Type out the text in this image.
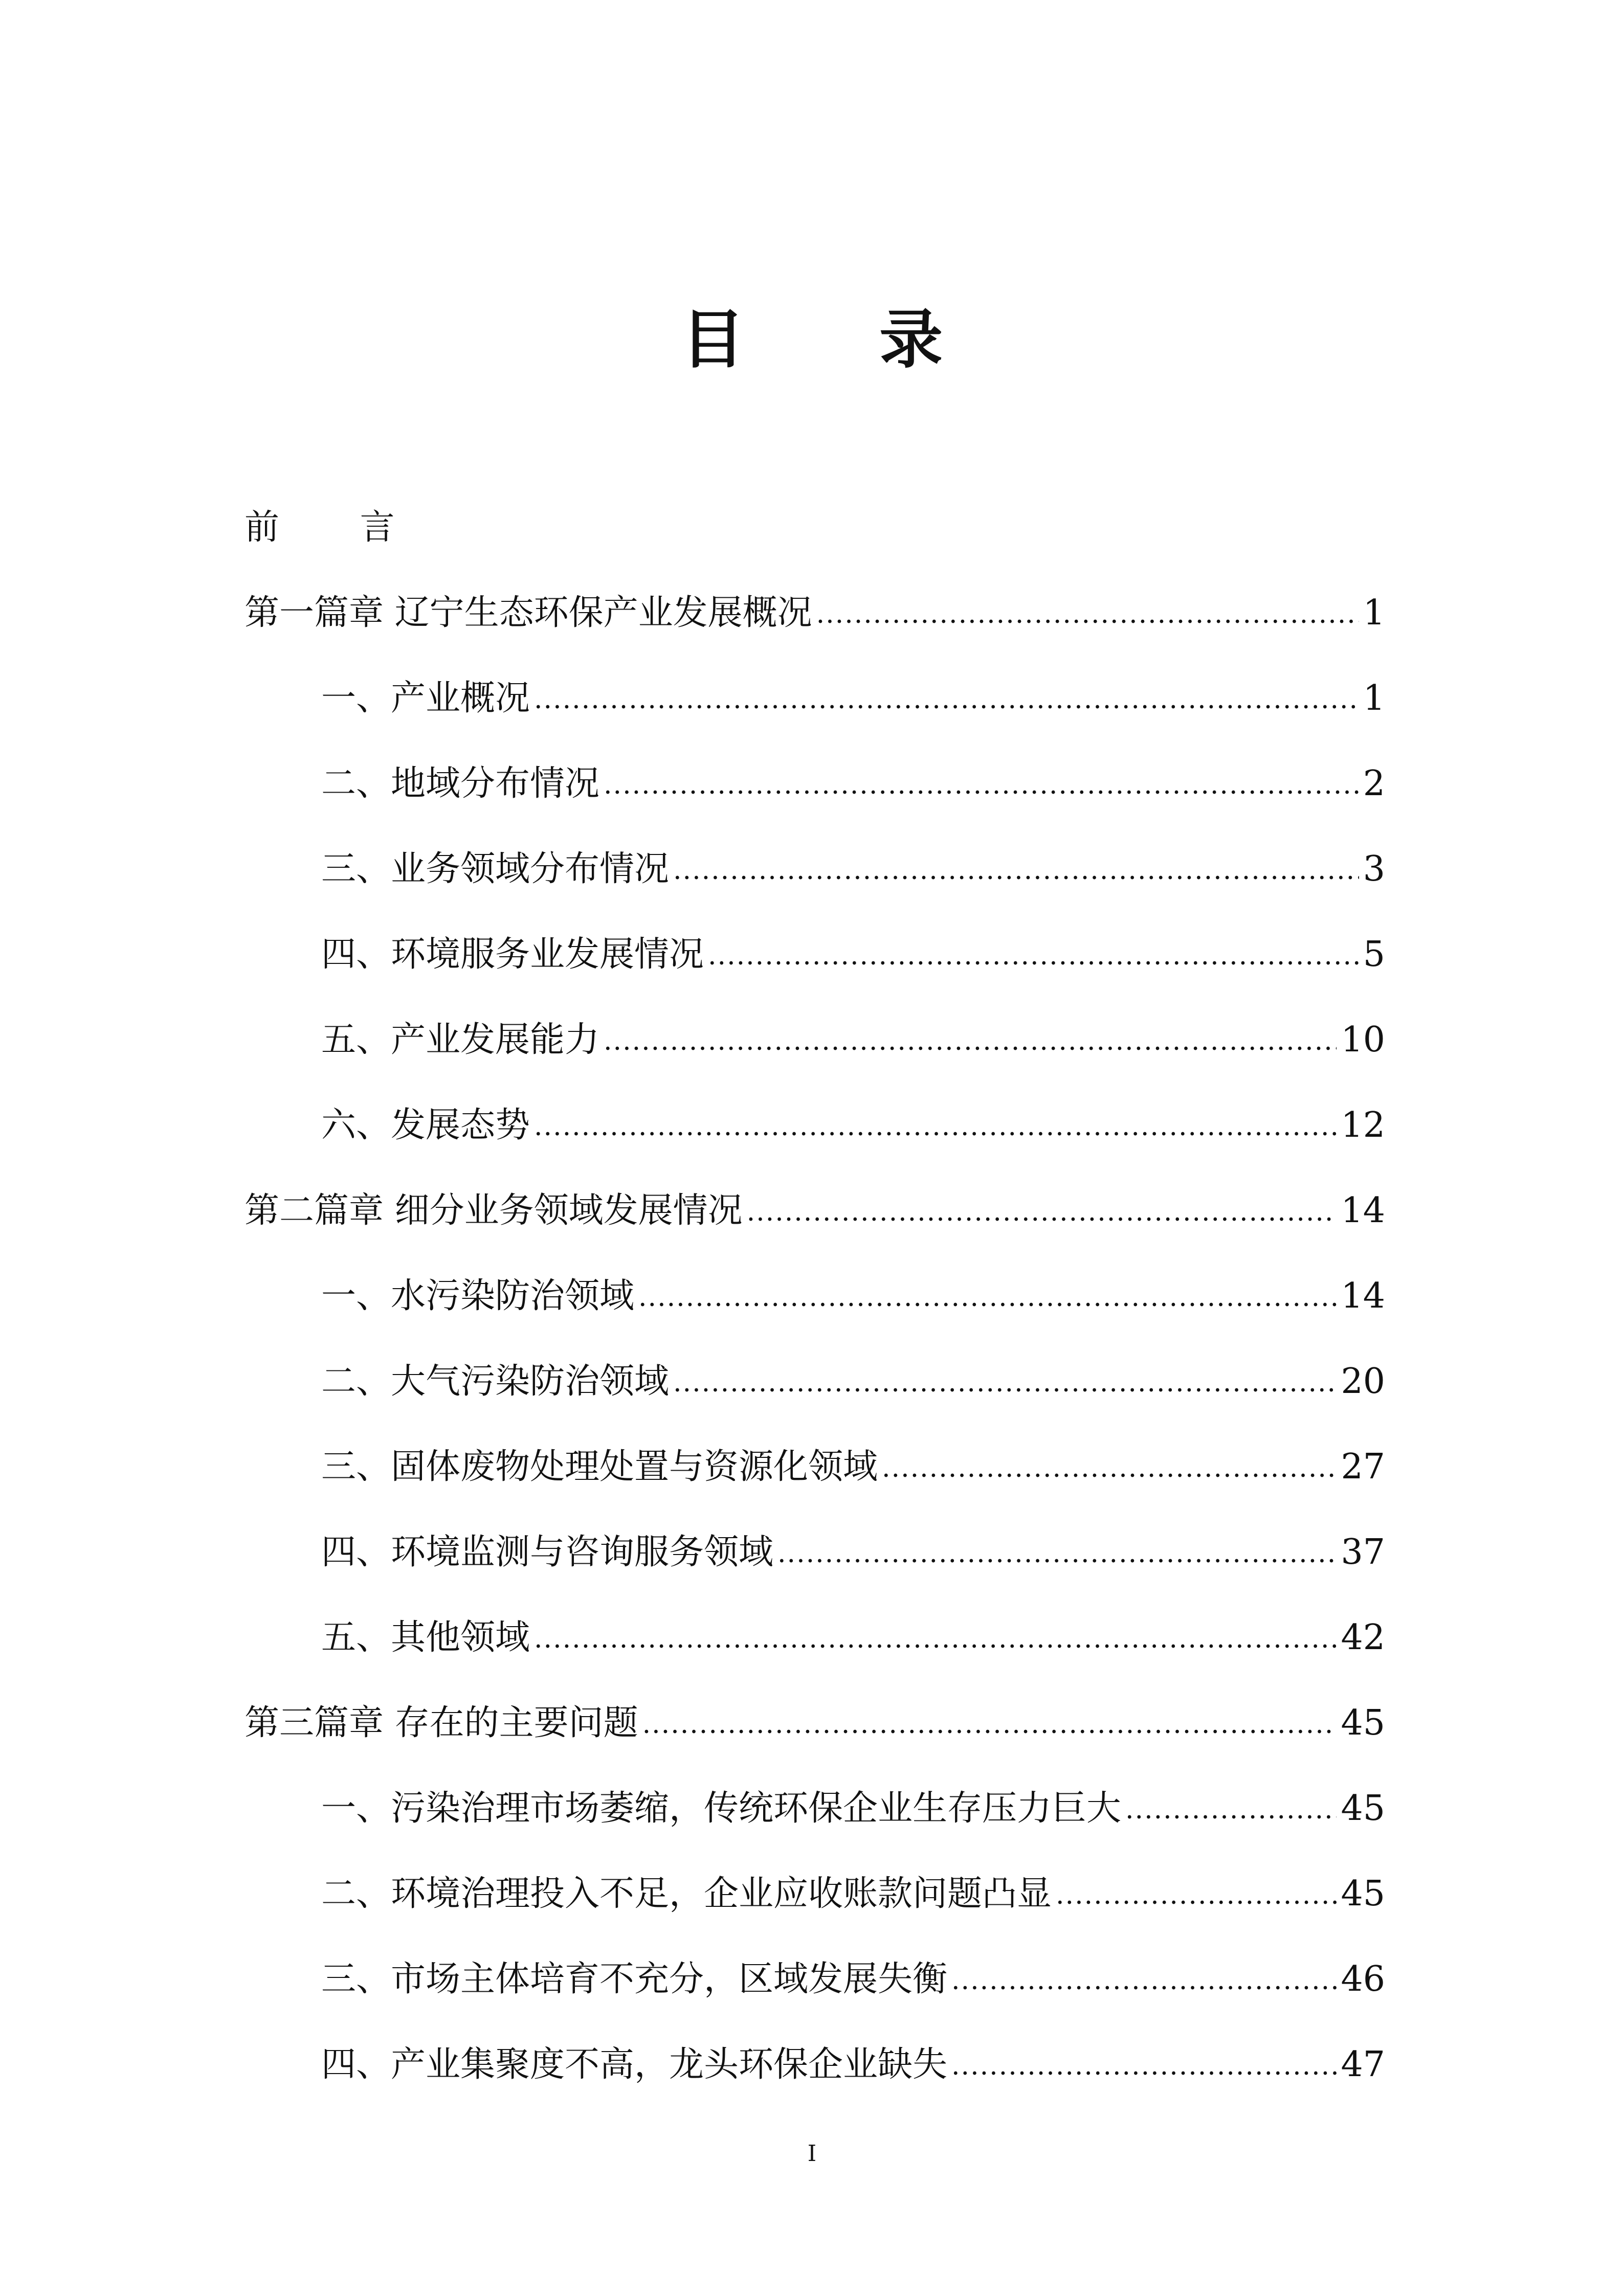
目 录
前 言
第一篇章 辽宁生态环保产业发展概况 .....	1
一、产业概况 .....	1
二、地域分布情况 .....	2
三、业务领域分布情况 .....	3
四、环境服务业发展情况 .....	5
五、产业发展能力 .....	10
六、发展态势 .....	12
第二篇章 细分业务领域发展情况 .....	14
一、水污染防治领域 .....	14
二、大气污染防治领域 .....	20
三、固体废物处理处置与资源化领域 .....	27
四、环境监测与咨询服务领域 .....	37
五、其他领域 .....	42
第三篇章 存在的主要问题 .....	45
一、污染治理市场萎缩，传统环保企业生存压力巨大 .....	45
二、环境治理投入不足，企业应收账款问题凸显 .....	45
三、市场主体培育不充分，区域发展失衡 .....	46
四、产业集聚度不高，龙头环保企业缺失 .....	47
I
